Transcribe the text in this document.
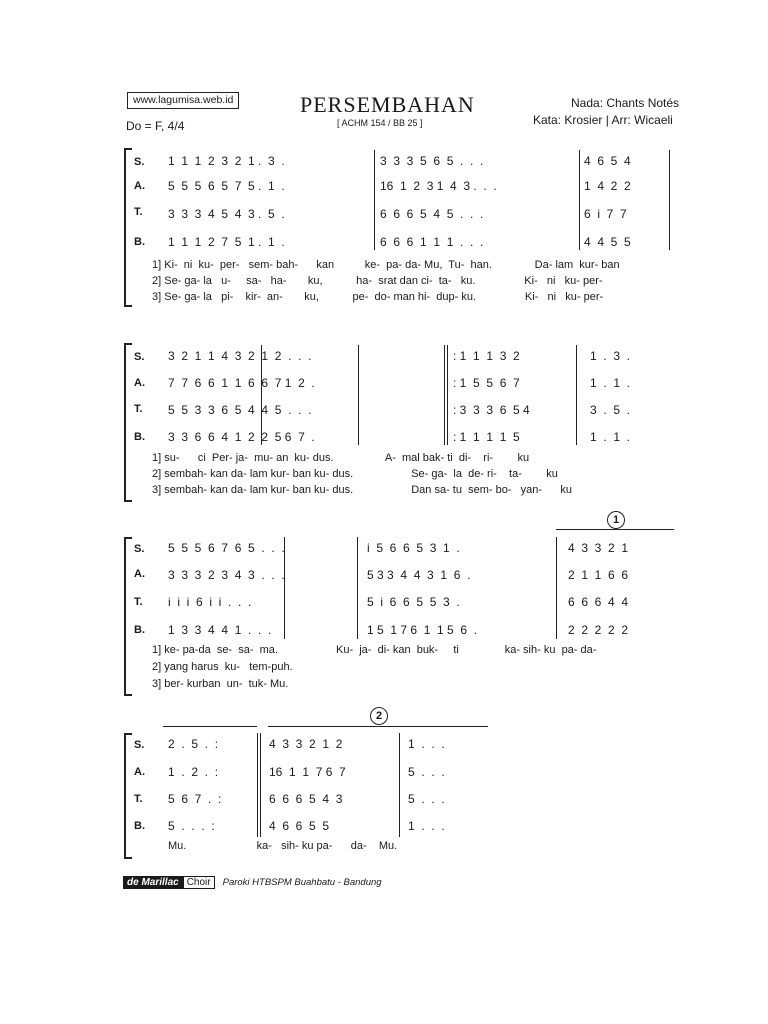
www.lagumisa.web.id
Do = F, 4/4
PERSEMBAHAN
[ ACHM 154 / BB 25 ]
Nada: Chants Notés
Kata: Krosier | Arr: Wicaeli
S.
A.
T.
B.
1  1  1  2  3  2  1 .  3  .	3  3  3  5  6  5  .  .  .	4  6  5  4
5  5  5  6  5  7  5 .  1  .	16  1  2  3 1  4  3 .  .  .	1  4  2  2
3  3  3  4  5  4  3 .  5  .	6  6  6  5  4  5  .  .  .	6  i  7  7
1  1  1  2  7  5  1 .  1  .	6  6  6  1  1  1  .  .  .	4  4  5  5
1] Ki-  ni  ku-  per-   sem- bah-      kan          ke-  pa- da- Mu,  Tu-  han.              Da- lam  kur- ban
2] Se- ga- la   u-     sa-   ha-       ku,           ha-  srat dan ci-  ta-   ku.                Ki-   ni   ku- per-
3] Se- ga- la   pi-    kir-  an-       ku,           pe-  do- man hi-  dup- ku.                Ki-   ni   ku- per-
S.
A.
T.
B.
3  2  1  1  4  3  2  1  2  .  .  .	: 1  1  1  3  2	1  .  3  .
7  7  6  6  1  1  6  6  7 1  2  .	: 1  5  5  6  7	1  .  1  .
5  5  3  3  6  5  4  4  5  .  .  .	: 3  3  3  6  5 4	3  .  5  .
3  3  6  6  4  1  2  2  5 6  7  .	: 1  1  1  1  5	1  .  1  .
1] su-      ci  Per- ja-  mu- an  ku- dus.                 A-  mal bak- ti  di-    ri-        ku
2] sembah- kan da- lam kur- ban ku- dus.                   Se- ga-  la  de- ri-    ta-        ku
3] sembah- kan da- lam kur- ban ku- dus.                   Dan sa- tu  sem- bo-   yan-      ku
1
S.
A.
T.
B.
5  5  5  6  7  6  5  .  .  .	i  5  6  6  5  3  1  .	4  3  3  2  1
3  3  3  2  3  4  3  .  .  .	5 3 3  4  4  3  1  6  .	2  1  1  6  6
i  i  i  6  i  i  .  .  .	5  i  6  6  5  5  3  .	6  6  6  4  4
1  3  3  4  4  1  .  .  .	1 5  1 7 6  1  1 5  6  .	2  2  2  2  2
1] ke- pa-da  se-  sa-  ma.                   Ku-  ja-  di- kan  buk-     ti               ka- sih- ku  pa- da-
2] yang harus  ku-   tem-puh.
3] ber- kurban  un-  tuk- Mu.
2
S.
A.
T.
B.
2  .  5  .  :	4  3  3  2  1  2	1  .  .  .
1  .  2  .  :	16  1  1  7 6  7	5  .  .  .
5  6  7  .  :	6  6  6  5  4  3	5  .  .  .
5  .  .  .  :	4  6  6  5  5	1  .  .  .
Mu.                       ka-   sih- ku pa-      da-    Mu.
de Marillac Choir	Paroki HTBSPM Buahbatu - Bandung
